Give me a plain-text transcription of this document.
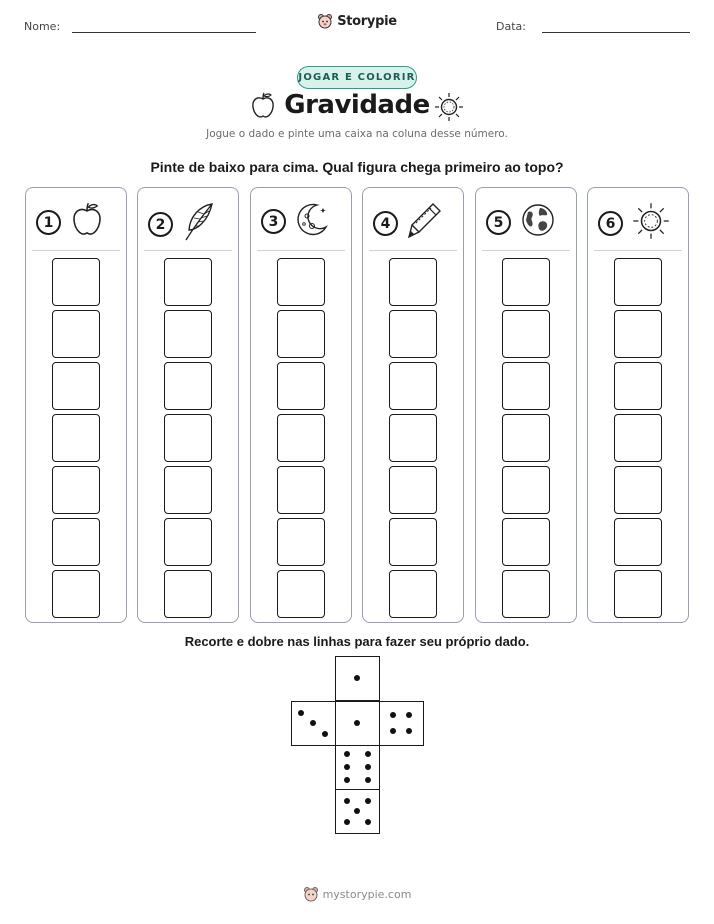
Nome:	Data:
Storypie
JOGAR E COLORIR
Gravidade
Jogue o dado e pinte uma caixa na coluna desse número.
Pinte de baixo para cima. Qual figura chega primeiro ao topo?
1	2	3	4	5	6
Recorte e dobre nas linhas para fazer seu próprio dado.
mystorypie.com
